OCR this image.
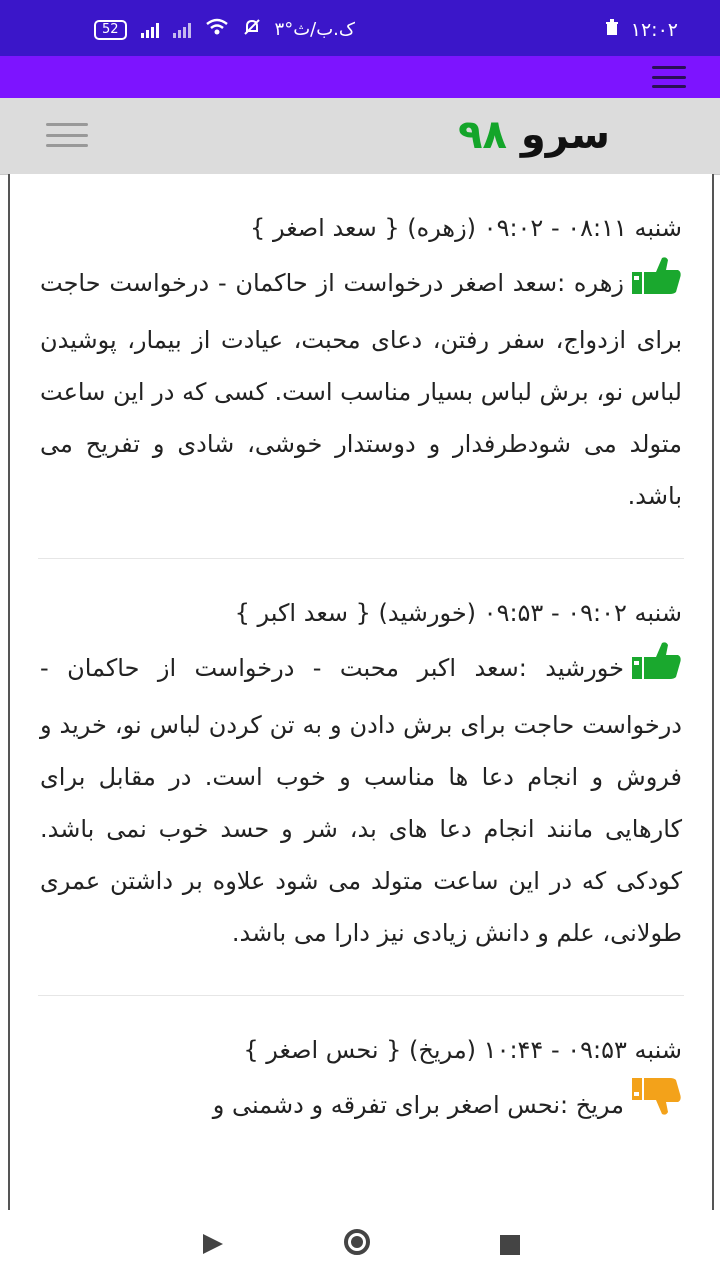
۱۲:۰۲
52	۳°ک.ب/ث
سرو ۹۸
شنبه ۰۸:۱۱ - ۰۹:۰۲ (زهره) { سعد اصغر }
زهره :سعد اصغر درخواست از حاکمان - درخواست حاجت برای ازدواج، سفر رفتن، دعای محبت، عیادت از بیمار، پوشیدن لباس نو، برش لباس بسیار مناسب است. کسی که در این ساعت متولد می شودطرفدار و دوستدار خوشی، شادی و تفریح می باشد.
شنبه ۰۹:۰۲ - ۰۹:۵۳ (خورشید) { سعد اکبر }
خورشید :سعد اکبر محبت - درخواست از حاکمان - درخواست حاجت برای برش دادن و به تن کردن لباس نو، خرید و فروش و انجام دعا ها مناسب و خوب است. در مقابل برای کارهایی مانند انجام دعا های بد، شر و حسد خوب نمی باشد. کودکی که در این ساعت متولد می شود علاوه بر داشتن عمری طولانی، علم و دانش زیادی نیز دارا می باشد.
شنبه ۰۹:۵۳ - ۱۰:۴۴ (مریخ) { نحس اصغر }
مریخ :نحس اصغر برای تفرقه و دشمنی و
